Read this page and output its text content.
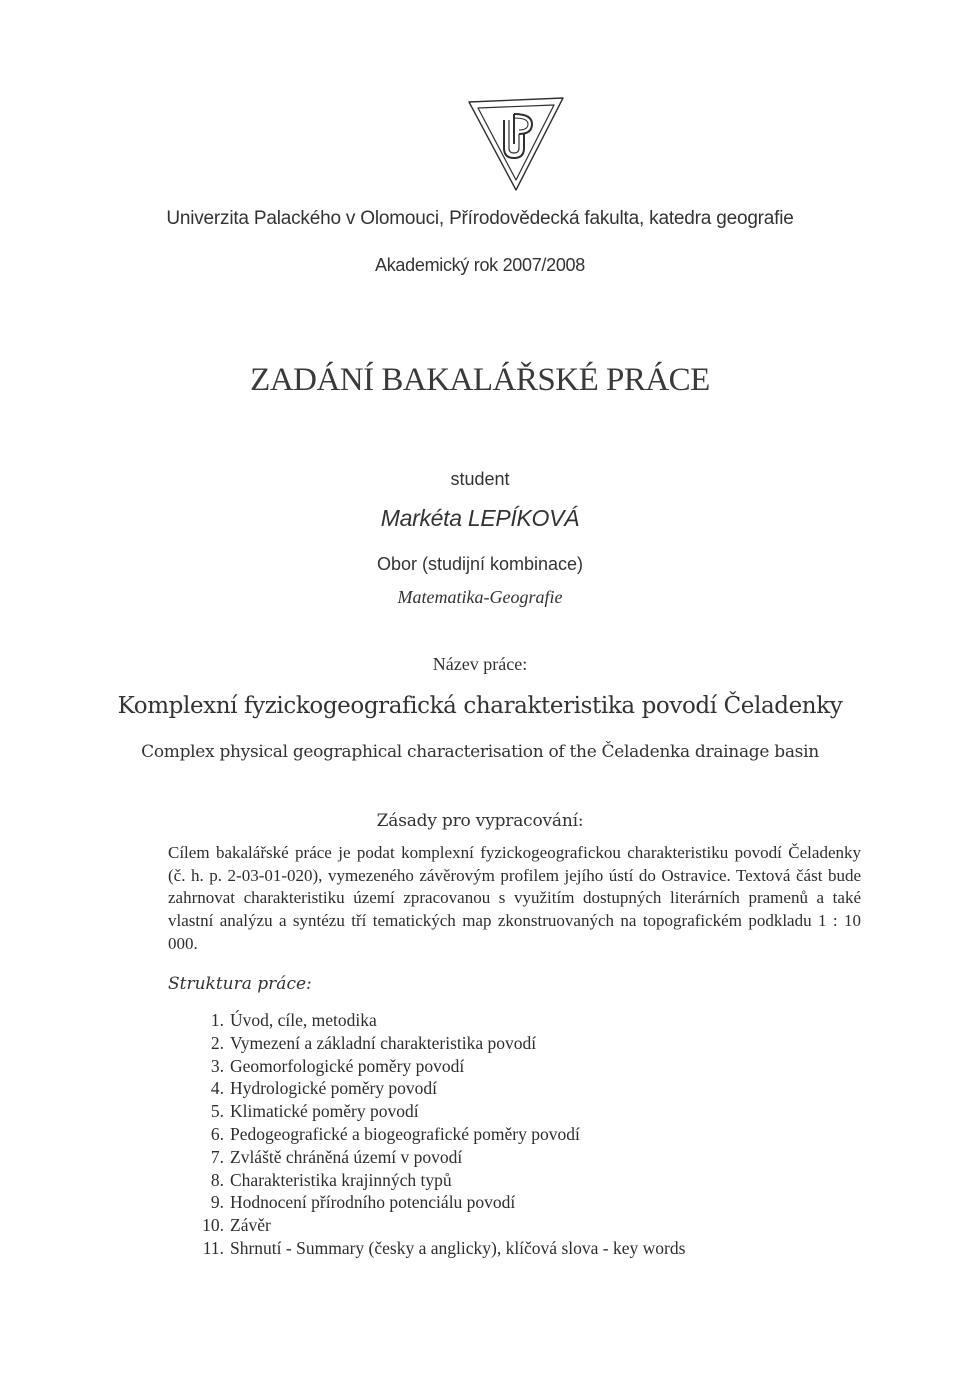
Univerzita Palackého v Olomouci, Přírodovědecká fakulta, katedra geografie
Akademický rok 2007/2008
ZADÁNÍ BAKALÁŘSKÉ PRÁCE
student
Markéta LEPÍKOVÁ
Obor (studijní kombinace)
Matematika-Geografie
Název práce:
Komplexní fyzickogeografická charakteristika povodí Čeladenky
Complex physical geographical characterisation of the Čeladenka drainage basin
Zásady pro vypracování:

Cílem bakalářské práce je podat komplexní fyzickogeografickou charakteristiku povodí Čeladenky (č. h. p. 2-03-01-020), vymezeného závěrovým profilem jejího ústí do Ostravice. Textová část bude zahrnovat charakteristiku území zpracovanou s využitím dostupných literárních pramenů a také vlastní analýzu a syntézu tří tematických map zkonstruovaných na topografickém podkladu 1 : 10 000.

Struktura práce:
1. Úvod, cíle, metodika
2. Vymezení a základní charakteristika povodí
3. Geomorfologické poměry povodí
4. Hydrologické poměry povodí
5. Klimatické poměry povodí
6. Pedogeografické a biogeografické poměry povodí
7. Zvláště chráněná území v povodí
8. Charakteristika krajinných typů
9. Hodnocení přírodního potenciálu povodí
10. Závěr
11. Shrnutí - Summary (česky a anglicky), klíčová slova - key words
